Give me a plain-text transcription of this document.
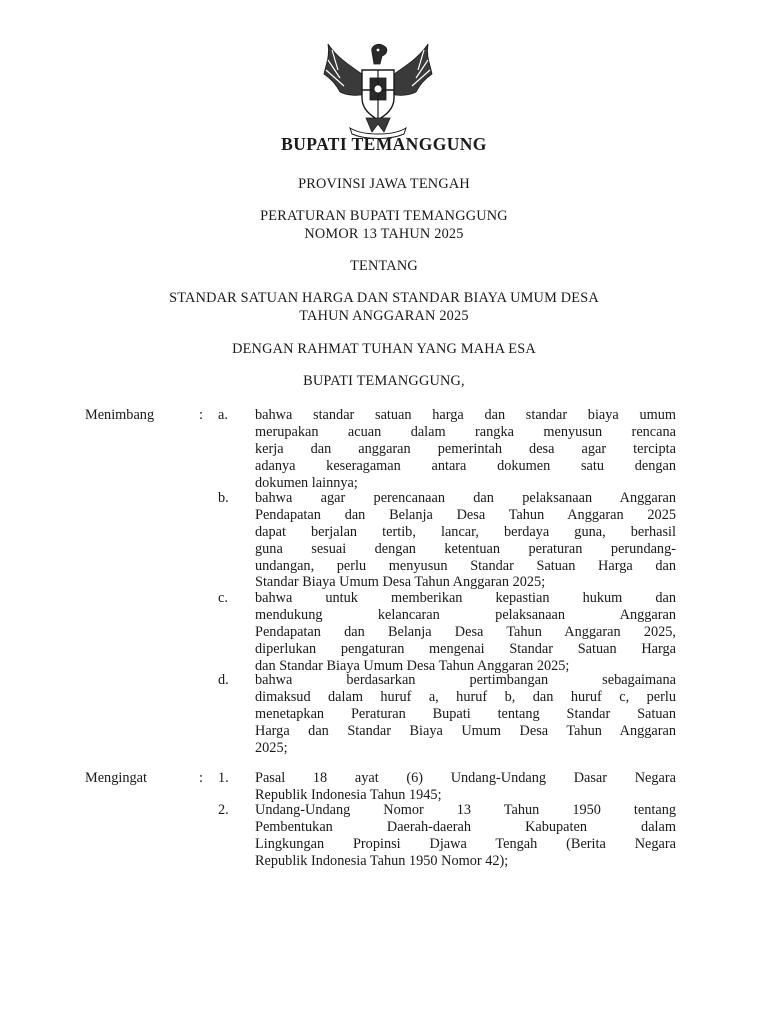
BUPATI TEMANGGUNG
PROVINSI JAWA TENGAH
PERATURAN BUPATI TEMANGGUNG
NOMOR 13 TAHUN 2025
TENTANG
STANDAR SATUAN HARGA DAN STANDAR BIAYA UMUM DESA
TAHUN ANGGARAN 2025
DENGAN RAHMAT TUHAN YANG MAHA ESA
BUPATI TEMANGGUNG,
Menimbang	: a. bahwa standar satuan harga dan standar biaya umum
merupakan acuan dalam rangka menyusun rencana
kerja dan anggaran pemerintah desa agar tercipta
adanya keseragaman antara dokumen satu dengan
dokumen lainnya;
b. bahwa agar perencanaan dan pelaksanaan Anggaran
Pendapatan dan Belanja Desa Tahun Anggaran 2025
dapat berjalan tertib, lancar, berdaya guna, berhasil
guna sesuai dengan ketentuan peraturan perundang-
undangan, perlu menyusun Standar Satuan Harga dan
Standar Biaya Umum Desa Tahun Anggaran 2025;
c. bahwa untuk memberikan kepastian hukum dan
mendukung kelancaran pelaksanaan Anggaran
Pendapatan dan Belanja Desa Tahun Anggaran 2025,
diperlukan pengaturan mengenai Standar Satuan Harga
dan Standar Biaya Umum Desa Tahun Anggaran 2025;
d. bahwa berdasarkan pertimbangan sebagaimana
dimaksud dalam huruf a, huruf b, dan huruf c, perlu
menetapkan Peraturan Bupati tentang Standar Satuan
Harga dan Standar Biaya Umum Desa Tahun Anggaran
2025;
Mengingat	: 1. Pasal 18 ayat (6) Undang-Undang Dasar Negara
Republik Indonesia Tahun 1945;
2. Undang-Undang Nomor 13 Tahun 1950 tentang
Pembentukan Daerah-daerah Kabupaten dalam
Lingkungan Propinsi Djawa Tengah (Berita Negara
Republik Indonesia Tahun 1950 Nomor 42);
